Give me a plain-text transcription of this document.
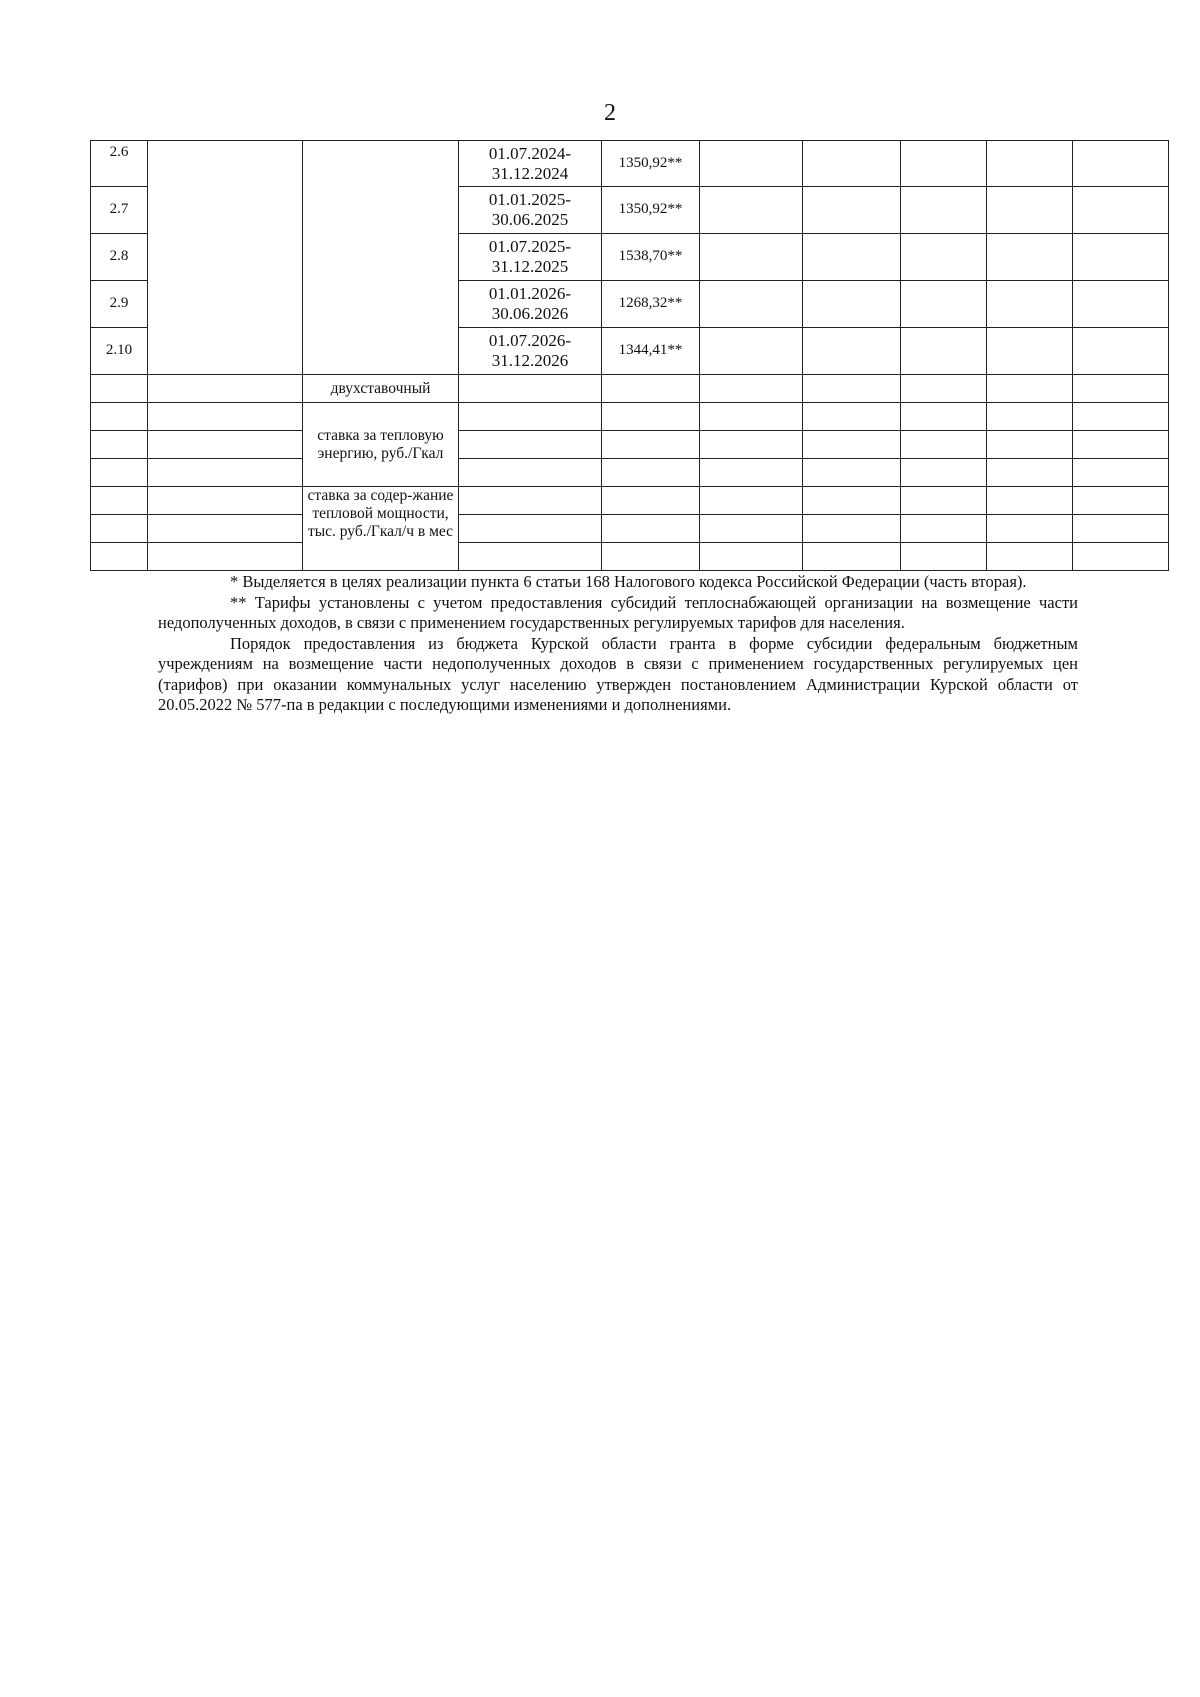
2
2.6			01.07.2024-
31.12.2024	1350,92**					
2.7			01.01.2025-
30.06.2025	1350,92**					
2.8			01.07.2025-
31.12.2025	1538,70**					
2.9			01.01.2026-
30.06.2026	1268,32**					
2.10			01.07.2026-
31.12.2026	1344,41**					
		двухставочный							
		ставка за тепловую энергию, руб./Гкал							

		ставка за содер-жание тепловой мощности, тыс. руб./Гкал/ч в мес							

* Выделяется в целях реализации пункта 6 статьи 168 Налогового кодекса Российской Федерации (часть вторая).

** Тарифы установлены с учетом предоставления субсидий теплоснабжающей организации на возмещение части недополученных доходов, в связи с применением государственных регулируемых тарифов для населения.

Порядок предоставления из бюджета Курской области гранта в форме субсидии федеральным бюджетным учреждениям на возмещение части недополученных доходов в связи с применением государственных регулируемых цен (тарифов) при оказании коммунальных услуг населению утвержден постановлением Администрации Курской области от 20.05.2022 № 577-па в редакции с последующими изменениями и дополнениями.
